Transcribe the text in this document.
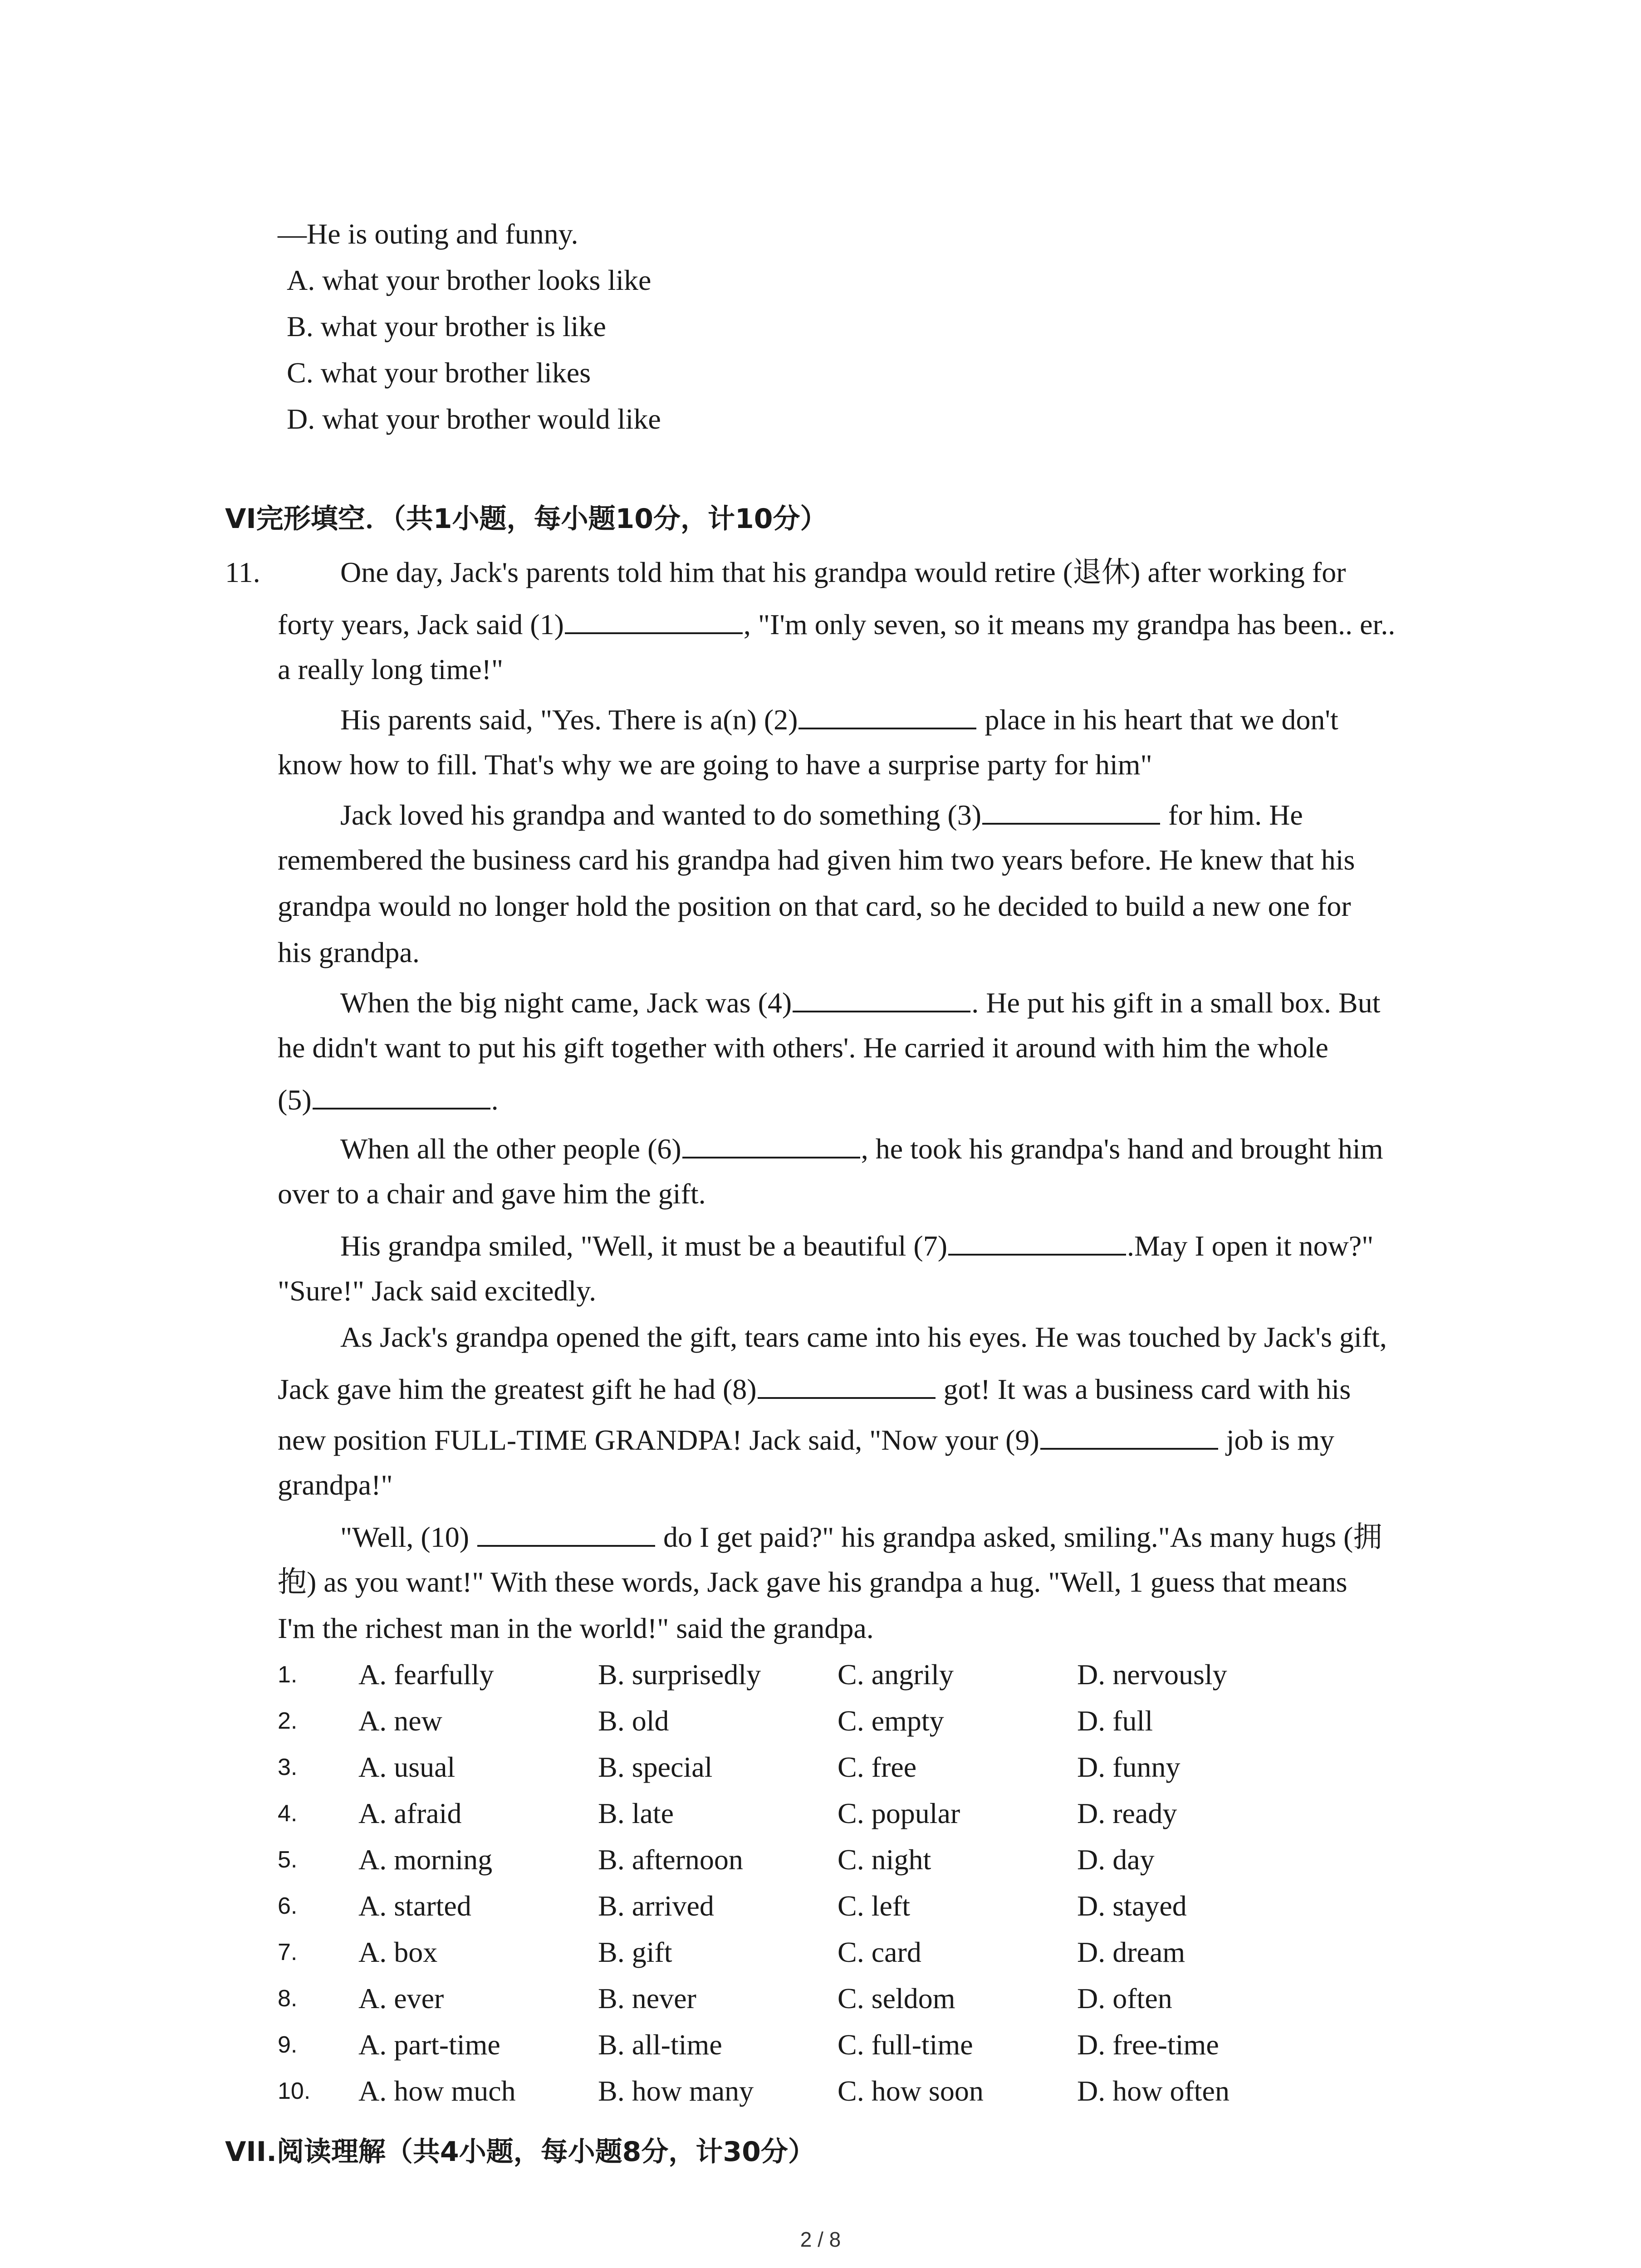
—He is outing and funny.
A. what your brother looks like
B. what your brother is like
C. what your brother likes
D. what your brother would like
VI完形填空．（共1小题，每小题10分，计10分）
11.	One day, Jack's parents told him that his grandpa would retire (退休) after working for
forty years, Jack said (1)	, "I'm only seven, so it means my grandpa has been.. er..
a really long time!"
His parents said, "Yes. There is a(n) (2)	place in his heart that we don't
know how to fill. That's why we are going to have a surprise party for him"
Jack loved his grandpa and wanted to do something (3)	for him. He
remembered the business card his grandpa had given him two years before. He knew that his
grandpa would no longer hold the position on that card, so he decided to build a new one for
his grandpa.
When the big night came, Jack was (4)	. He put his gift in a small box. But
he didn't want to put his gift together with others'. He carried it around with him the whole
(5)	.
When all the other people (6)	, he took his grandpa's hand and brought him
over to a chair and gave him the gift.
His grandpa smiled, "Well, it must be a beautiful (7)	.May I open it now?"
"Sure!" Jack said excitedly.
As Jack's grandpa opened the gift, tears came into his eyes. He was touched by Jack's gift,
Jack gave him the greatest gift he had (8)	got! It was a business card with his
new position FULL-TIME GRANDPA! Jack said, "Now your (9)	job is my
grandpa!"
"Well, (10)	do I get paid?" his grandpa asked, smiling."As many hugs (拥
抱) as you want!" With these words, Jack gave his grandpa a hug. "Well, 1 guess that means
I'm the richest man in the world!" said the grandpa.
1. A. fearfully	B. surprisedly	C. angrily	D. nervously
2. A. new	B. old	C. empty	D. full
3. A. usual	B. special	C. free	D. funny
4. A. afraid	B. late	C. popular	D. ready
5. A. morning	B. afternoon	C. night	D. day
6. A. started	B. arrived	C. left	D. stayed
7. A. box	B. gift	C. card	D. dream
8. A. ever	B. never	C. seldom	D. often
9. A. part-time	B. all-time	C. full-time	D. free-time
10. A. how much	B. how many	C. how soon	D. how often
VII.阅读理解（共4小题，每小题8分，计30分）
2 / 8
